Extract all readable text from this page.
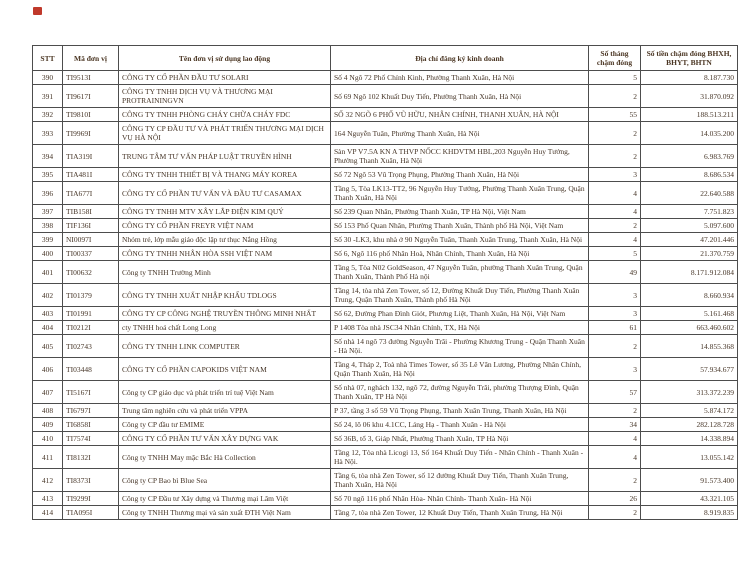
STT	Mã đơn vị	Tên đơn vị sử dụng lao động	Địa chỉ đăng ký kinh doanh	Số tháng chậm đóng	Số tiền chậm đóng BHXH, BHYT, BHTN
390	TI9513I	CÔNG TY CỔ PHẦN ĐẦU TƯ SOLARI	Số 4 Ngõ 72 Phố Chính Kinh, Phường Thanh Xuân, Hà Nội	5	8.187.730
391	TI9617I	CÔNG TY TNHH DỊCH VỤ VÀ THƯƠNG MẠI PROTRAININGVN	Số 69 Ngõ 102 Khuất Duy Tiến, Phường Thanh Xuân, Hà Nội	2	31.870.092
392	TI9810I	CÔNG TY TNHH PHÒNG CHÁY CHỮA CHÁY FDC	SỐ 32 NGÕ 6 PHỐ VŨ HỮU, NHÂN CHÍNH, THANH XUÂN, HÀ NỘI	55	188.513.211
393	TI9969I	CÔNG TY CP ĐẦU TƯ VÀ PHÁT TRIỂN THƯƠNG MẠI DỊCH VỤ HÀ NỘI	164 Nguyễn Tuân, Phường Thanh Xuân, Hà Nội	2	14.035.200
394	TIA319I	TRUNG TÂM TƯ VẤN PHÁP LUẬT TRUYỀN HÌNH	Sàn VP V7.5A KN A THVP NỐCC KHDVTM HBL,203 Nguyễn Huy Tưởng, Phường Thanh Xuân, Hà Nội	2	6.983.769
395	TIA481I	CÔNG TY TNHH THIẾT BỊ VÀ THANG MÁY KOREA	Số 72 Ngõ 53 Vũ Trọng Phụng, Phường Thanh Xuân, Hà Nội	3	8.686.534
396	TIA677I	CÔNG TY CỔ PHẦN TƯ VẤN VÀ ĐẦU TƯ CASAMAX	Tầng 5, Tòa LK13-TT2, 96 Nguyễn Huy Tưởng, Phường Thanh Xuân Trung, Quận Thanh Xuân, Hà Nội	4	22.640.588
397	TIB158I	CÔNG TY TNHH MTV XÂY LẮP ĐIỆN KIM QUÝ	Số 239 Quan Nhân, Phường Thanh Xuân, TP Hà Nội, Việt Nam	4	7.751.823
398	TIF136I	CÔNG TY CỔ PHẦN FREYR VIỆT NAM	Số 153 Phố Quan Nhân, Phường Thanh Xuân, Thành phố Hà Nội, Việt Nam	2	5.097.600
399	NI0097I	Nhóm trẻ, lớp mẫu giáo độc lập tư thục Nắng Hồng	Số 30 -LK3, khu nhà ở 90 Nguyễn Tuân, Thanh Xuân Trung, Thanh Xuân, Hà Nội	4	47.201.446
400	TI00337	CÔNG TY TNHH NHÂN HÒA SSH VIỆT NAM	Số 6, Ngõ 116 phố Nhân Hoà, Nhân Chính, Thanh Xuân, Hà Nội	5	21.370.759
401	TI00632	Công ty TNHH Trường Minh	Tầng 5, Tòa N02 GoldSeason, 47 Nguyễn Tuân, phường Thanh Xuân Trung, Quận Thanh Xuân, Thành Phố Hà nội	49	8.171.912.084
402	TI01379	CÔNG TY TNHH XUẤT NHẬP KHẨU TDLOGS	Tầng 14, tòa nhà Zen Tower, số 12, Đường Khuất Duy Tiến, Phường Thanh Xuân Trung, Quận Thanh Xuân, Thành phố Hà Nội	3	8.660.934
403	TI01991	CÔNG TY CP CÔNG NGHỆ TRUYỀN THÔNG MINH NHẤT	Số 62, Đường Phan Đình Giót, Phương Liệt, Thanh Xuân, Hà Nội, Việt Nam	3	5.161.468
404	TI0212I	cty TNHH hoá chất Long Long	P 1408 Tòa nhà JSC34 Nhân Chính, TX, Hà Nội	61	663.460.602
405	TI02743	CÔNG TY TNHH LINK COMPUTER	Số nhà 14 ngõ 73 đường Nguyễn Trãi - Phường Khương Trung - Quận Thanh Xuân - Hà Nội.	2	14.855.368
406	TI03448	CÔNG TY CỔ PHẦN CAPOKIDS VIỆT NAM	Tầng 4, Tháp 2, Toà nhà Times Tower, số 35 Lê Văn Lương, Phường Nhân Chính, Quận Thanh Xuân, Hà Nội	3	57.934.677
407	TI5167I	Công ty CP giáo dục và phát triển trí tuệ Việt Nam	Số nhà 07, nghách 132, ngõ 72, đường Nguyễn Trãi, phường Thượng Đình, Quận Thanh Xuân, TP Hà Nội	57	313.372.239
408	TI6797I	Trung tâm nghiên cứu và phát triển VPPA	P 37, tầng 3 số 59 Vũ Trọng Phụng, Thanh Xuân Trung, Thanh Xuân, Hà Nội	2	5.874.172
409	TI6858I	Công ty CP đầu tư EMIME	Số 24, lô 06 khu 4.1CC, Láng Hạ - Thanh Xuân - Hà Nội	34	282.128.728
410	TI7574I	CÔNG TY CỔ PHẦN TƯ VẤN XÂY DỰNG VAK	Số 36B, tổ 3, Giáp Nhất, Phường Thanh Xuân, TP Hà Nội	4	14.338.894
411	TI8132I	Công ty TNHH May mặc Bắc Hà Collection	Tầng 12, Tòa nhà Licogi 13, Số 164 Khuất Duy Tiến - Nhân Chính - Thanh Xuân - Hà Nội.	4	13.055.142
412	TI8373I	Công ty CP Bao bì Blue Sea	Tầng 6, tòa nhà Zen Tower, số 12 đường Khuất Duy Tiến, Thanh Xuân Trung, Thanh Xuân, Hà Nội	2	91.573.400
413	TI9299I	Công ty CP Đầu tư Xây dựng và Thương mại Lâm Việt	Số 70 ngõ 116 phố Nhân Hòa- Nhân Chính- Thanh Xuân- Hà Nội	26	43.321.105
414	TIA095I	Công ty TNHH Thương mại và sản xuất ĐTH Việt Nam	Tầng 7, tòa nhà Zen Tower, 12 Khuất Duy Tiến, Thanh Xuân Trung, Hà Nội	2	8.919.835
